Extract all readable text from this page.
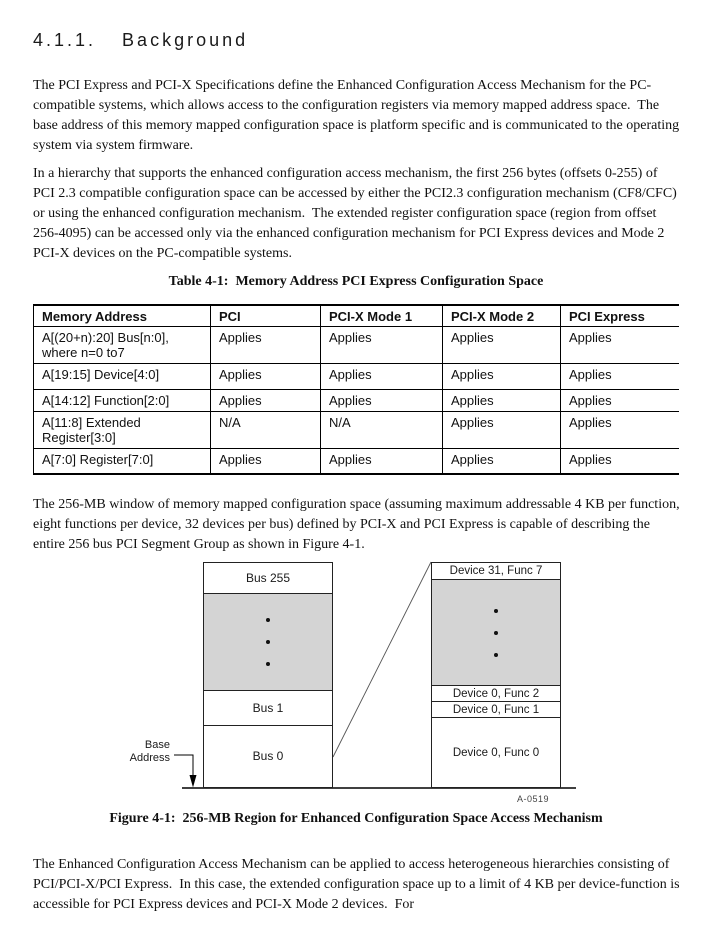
4.1.1. Background

The PCI Express and PCI-X Specifications define the Enhanced Configuration Access Mechanism for the PC-compatible systems, which allows access to the configuration registers via memory mapped address space.  The base address of this memory mapped configuration space is platform specific and is communicated to the operating system via system firmware.

In a hierarchy that supports the enhanced configuration access mechanism, the first 256 bytes (offsets 0-255) of PCI 2.3 compatible configuration space can be accessed by either the PCI2.3 configuration mechanism (CF8/CFC) or using the enhanced configuration mechanism.  The extended register configuration space (region from offset 256-4095) can be accessed only via the enhanced configuration mechanism for PCI Express devices and Mode 2 PCI-X devices on the PC-compatible systems.

Table 4-1:  Memory Address PCI Express Configuration Space
Memory Address	PCI	PCI-X Mode 1	PCI-X Mode 2	PCI Express
A[(20+n):20] Bus[n:0], where n=0 to7	Applies	Applies	Applies	Applies
A[19:15] Device[4:0]	Applies	Applies	Applies	Applies
A[14:12] Function[2:0]	Applies	Applies	Applies	Applies
A[11:8] Extended Register[3:0]	N/A	N/A	Applies	Applies
A[7:0] Register[7:0]	Applies	Applies	Applies	Applies

The 256-MB window of memory mapped configuration space (assuming maximum addressable 4 KB per function, eight functions per device, 32 devices per bus) defined by PCI-X and PCI Express is capable of describing the entire 256 bus PCI Segment Group as shown in Figure 4-1.

Bus 255
Bus 1
Bus 0
Device 31, Func 7
Device 0, Func 2
Device 0, Func 1
Device 0, Func 0
Base
Address
A-0519
Figure 4-1:  256-MB Region for Enhanced Configuration Space Access Mechanism

The Enhanced Configuration Access Mechanism can be applied to access heterogeneous hierarchies consisting of PCI/PCI-X/PCI Express.  In this case, the extended configuration space up to a limit of 4 KB per device-function is accessible for PCI Express devices and PCI-X Mode 2 devices.  For
